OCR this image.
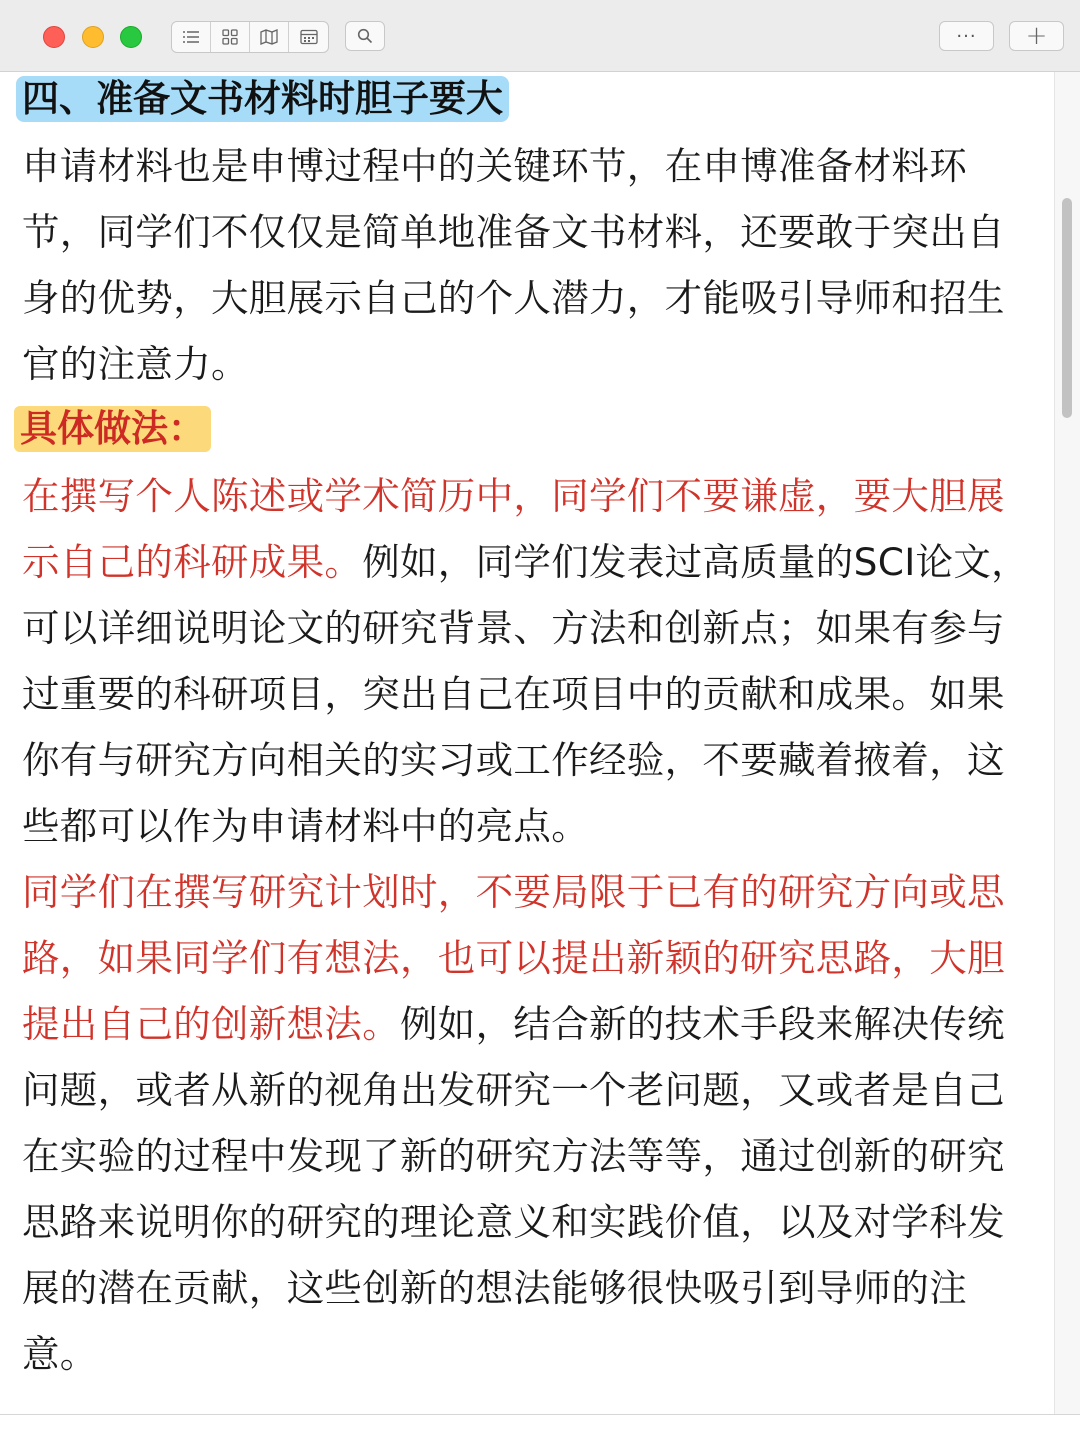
···	+
四、准备文书材料时胆子要大
申请材料也是申博过程中的关键环节，在申博准备材料环节，同学们不仅仅是简单地准备文书材料，还要敢于突出自身的优势，大胆展示自己的个人潜力，才能吸引导师和招生官的注意力。
具体做法：
在撰写个人陈述或学术简历中，同学们不要谦虚，要大胆展示自己的科研成果。例如，同学们发表过高质量的SCI论文，可以详细说明论文的研究背景、方法和创新点；如果有参与过重要的科研项目，突出自己在项目中的贡献和成果。如果你有与研究方向相关的实习或工作经验，不要藏着掖着，这些都可以作为申请材料中的亮点。
同学们在撰写研究计划时，不要局限于已有的研究方向或思路，如果同学们有想法，也可以提出新颖的研究思路，大胆提出自己的创新想法。例如，结合新的技术手段来解决传统问题，或者从新的视角出发研究一个老问题，又或者是自己在实验的过程中发现了新的研究方法等等，通过创新的研究思路来说明你的研究的理论意义和实践价值，以及对学科发展的潜在贡献，这些创新的想法能够很快吸引到导师的注意。
